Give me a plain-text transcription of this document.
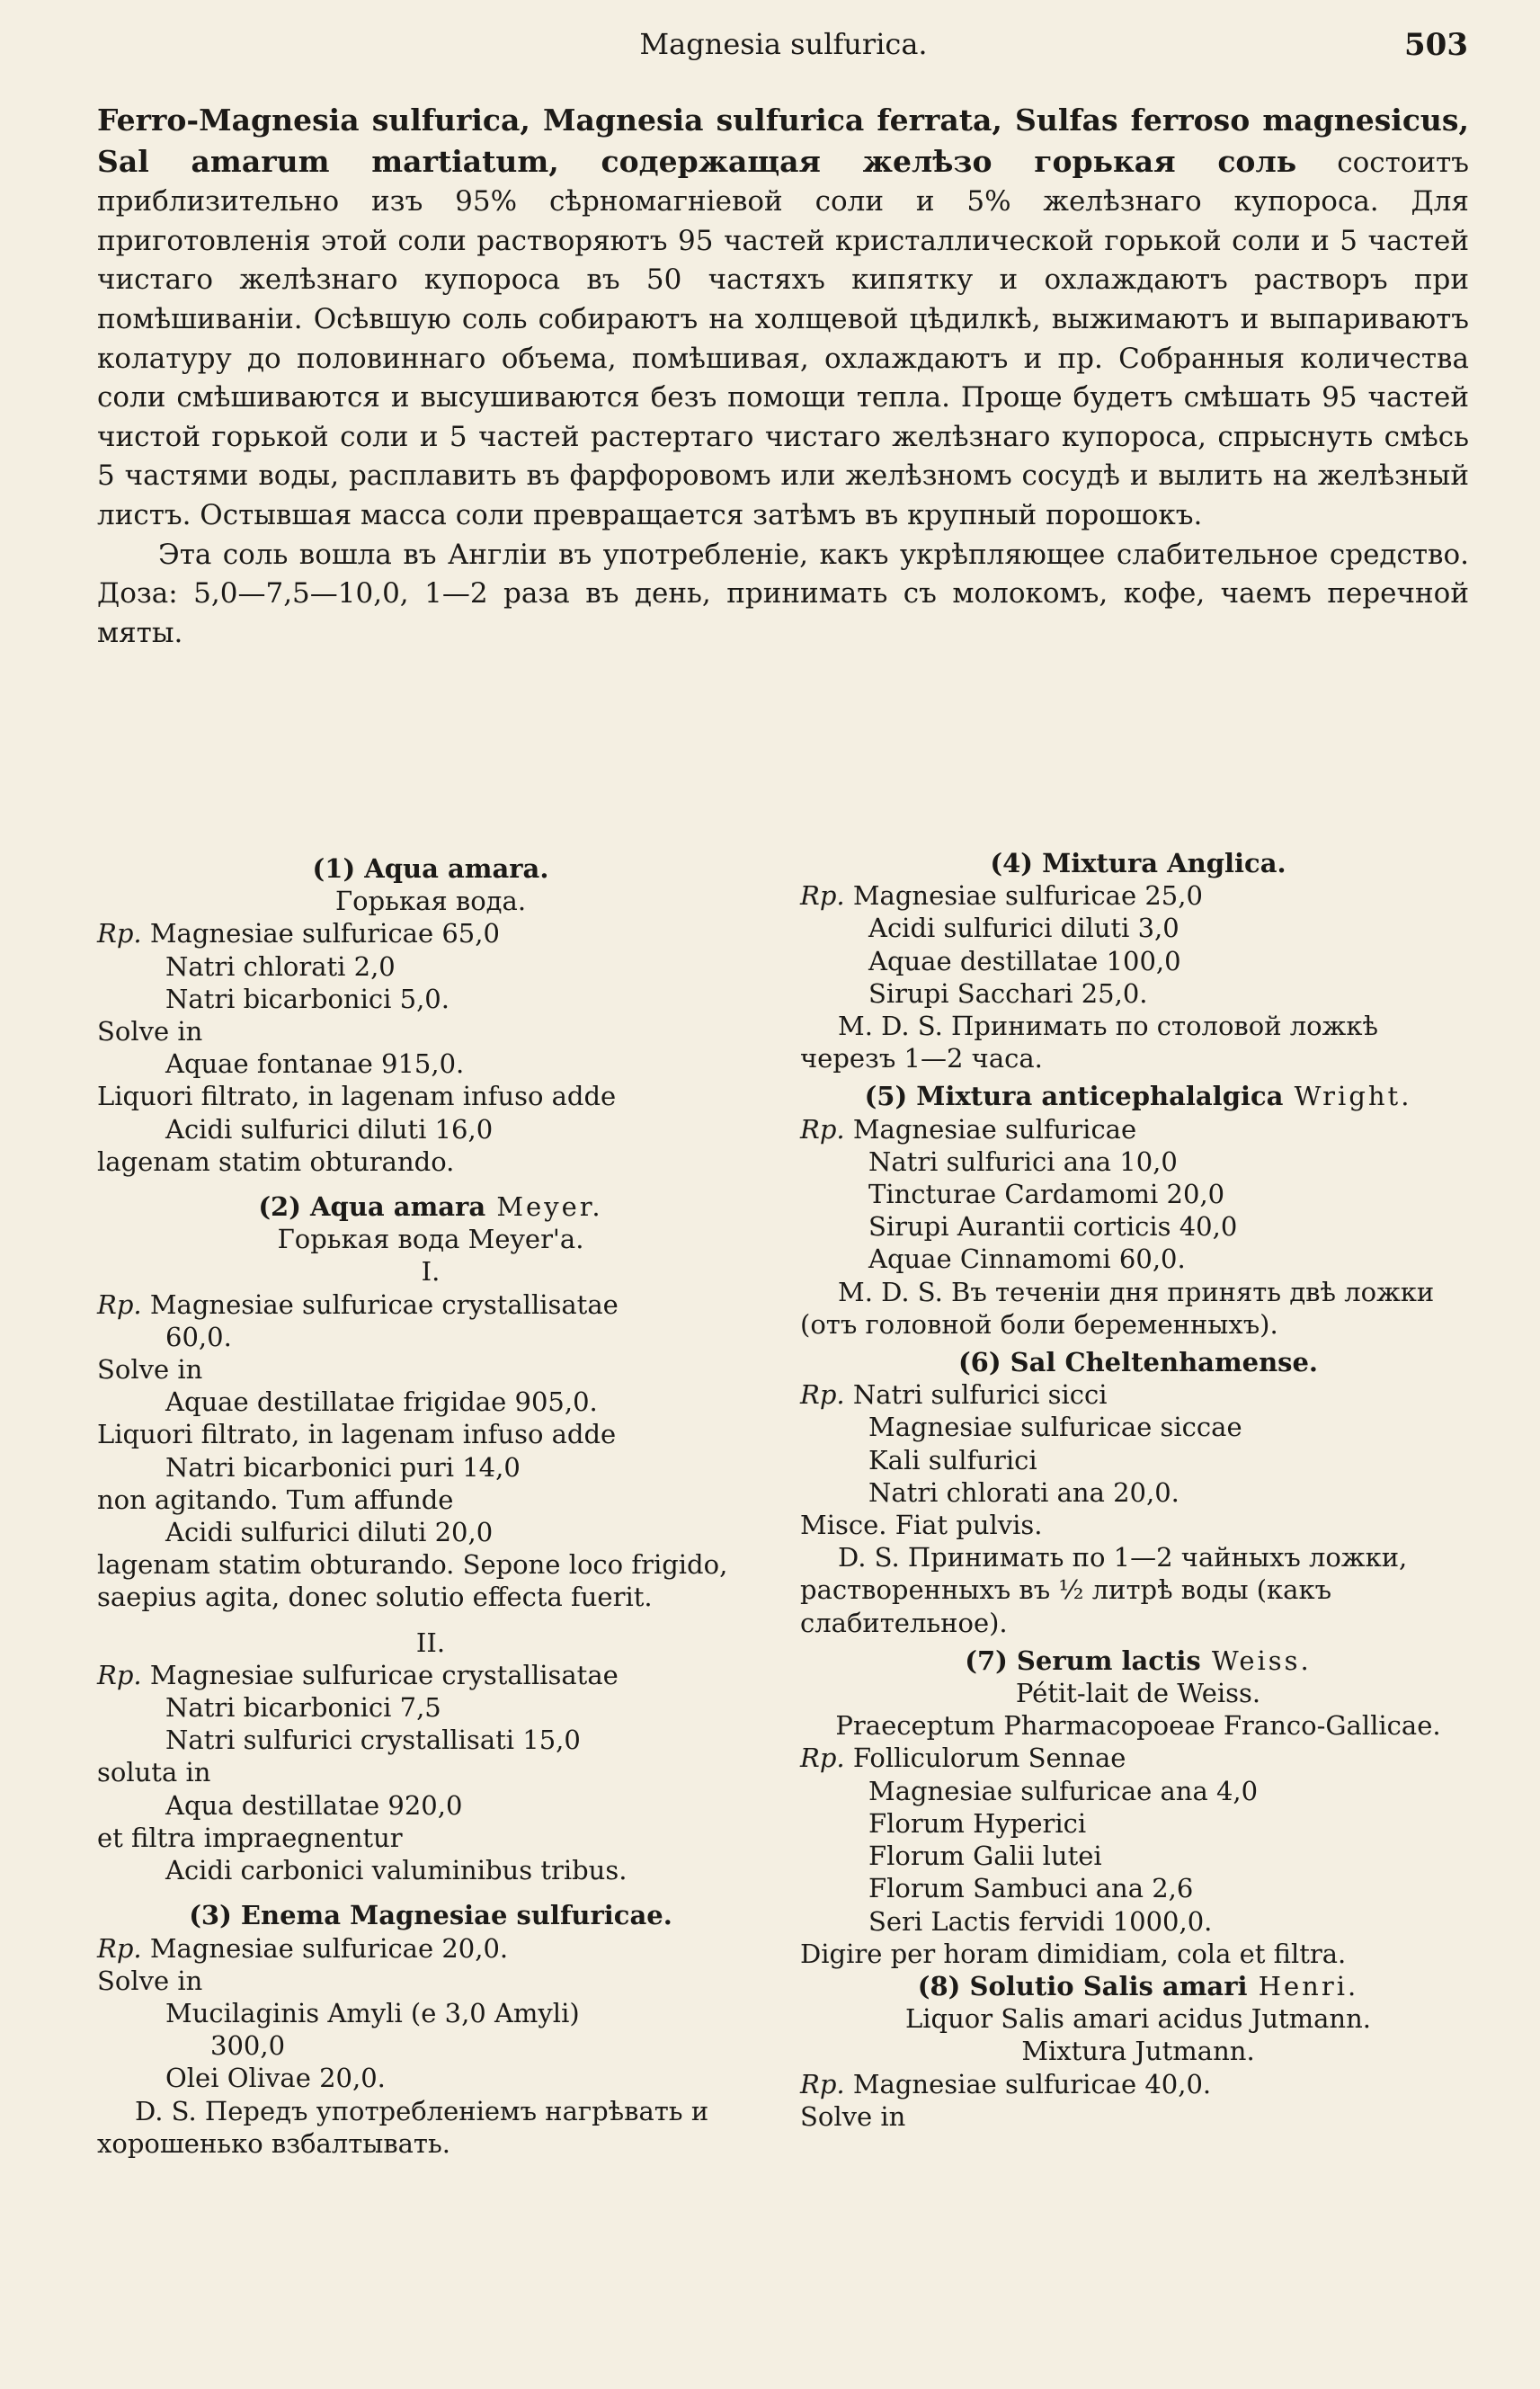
Magnesia sulfurica.	503

Ferro-Magnesia sulfurica, Magnesia sulfurica ferrata, Sulfas ferroso magnesicus, Sal amarum martiatum, содержащая желѣзо горькая соль состоитъ приблизительно изъ 95% сѣрномагніевой соли и 5% желѣзнаго купороса. Для приготовленія этой соли растворяютъ 95 частей кристаллической горькой соли и 5 частей чистаго желѣзнаго купороса въ 50 частяхъ кипятку и охлаждаютъ растворъ при помѣшиваніи. Осѣвшую соль собираютъ на холщевой цѣдилкѣ, выжимаютъ и выпариваютъ колатуру до половиннаго объема, помѣшивая, охлаждаютъ и пр. Собранныя количества соли смѣшиваются и высушиваются безъ помощи тепла. Проще будетъ смѣшать 95 частей чистой горькой соли и 5 частей растертаго чистаго желѣзнаго купороса, спрыснуть смѣсь 5 частями воды, расплавить въ фарфоровомъ или желѣзномъ сосудѣ и вылить на желѣзный листъ. Остывшая масса соли превращается затѣмъ въ крупный порошокъ.

Эта соль вошла въ Англіи въ употребленіе, какъ укрѣпляющее слабительное средство. Доза: 5,0—7,5—10,0, 1—2 раза въ день, принимать съ молокомъ, кофе, чаемъ перечной мяты.

(1) Aqua amara.
Горькая вода.
Rp. Magnesiae sulfuricae 65,0
Natri chlorati 2,0
Natri bicarbonici 5,0.
Solve in
Aquae fontanae 915,0.
Liquori filtrato, in lagenam infuso adde
Acidi sulfurici diluti 16,0
lagenam statim obturando.
(2) Aqua amara Meyer.
Горькая вода Meyer'а.
I.
Rp. Magnesiae sulfuricae crystallisatae
60,0.
Solve in
Aquae destillatae frigidae 905,0.
Liquori filtrato, in lagenam infuso adde
Natri bicarbonici puri 14,0
non agitando. Tum affunde
Acidi sulfurici diluti 20,0
lagenam statim obturando. Sepone loco frigido, saepius agita, donec solutio effecta fuerit.
II.
Rp. Magnesiae sulfuricae crystallisatae
Natri bicarbonici 7,5
Natri sulfurici crystallisati 15,0
soluta in
Aqua destillatae 920,0
et filtra impraegnentur
Acidi carbonici valuminibus tribus.
(3) Enema Magnesiae sulfuricae.
Rp. Magnesiae sulfuricae 20,0.
Solve in
Mucilaginis Amyli (e 3,0 Amyli)
300,0
Olei Olivae 20,0.
D. S. Передъ употребленіемъ нагрѣвать и хорошенько взбалтывать.
(4) Mixtura Anglica.
Rp. Magnesiae sulfuricae 25,0
Acidi sulfurici diluti 3,0
Aquae destillatae 100,0
Sirupi Sacchari 25,0.
M. D. S. Принимать по столовой ложкѣ черезъ 1—2 часа.
(5) Mixtura anticephalalgica Wright.
Rp. Magnesiae sulfuricae
Natri sulfurici ana 10,0
Tincturae Cardamomi 20,0
Sirupi Aurantii corticis 40,0
Aquae Cinnamomi 60,0.
M. D. S. Въ теченіи дня принять двѣ ложки (отъ головной боли беременныхъ).
(6) Sal Cheltenhamense.
Rp. Natri sulfurici sicci
Magnesiae sulfuricae siccae
Kali sulfurici
Natri chlorati ana 20,0.
Misce. Fiat pulvis.
D. S. Принимать по 1—2 чайныхъ ложки, растворенныхъ въ ½ литрѣ воды (какъ слабительное).
(7) Serum lactis Weiss.
Pétit-lait de Weiss.
Praeceptum Pharmacopoeae Franco-Gallicae.
Rp. Folliculorum Sennae
Magnesiae sulfuricae ana 4,0
Florum Hyperici
Florum Galii lutei
Florum Sambuci ana 2,6
Seri Lactis fervidi 1000,0.
Digire per horam dimidiam, cola et filtra.
(8) Solutio Salis amari Henri.
Liquor Salis amari acidus Jutmann.
Mixtura Jutmann.
Rp. Magnesiae sulfuricae 40,0.
Solve in
